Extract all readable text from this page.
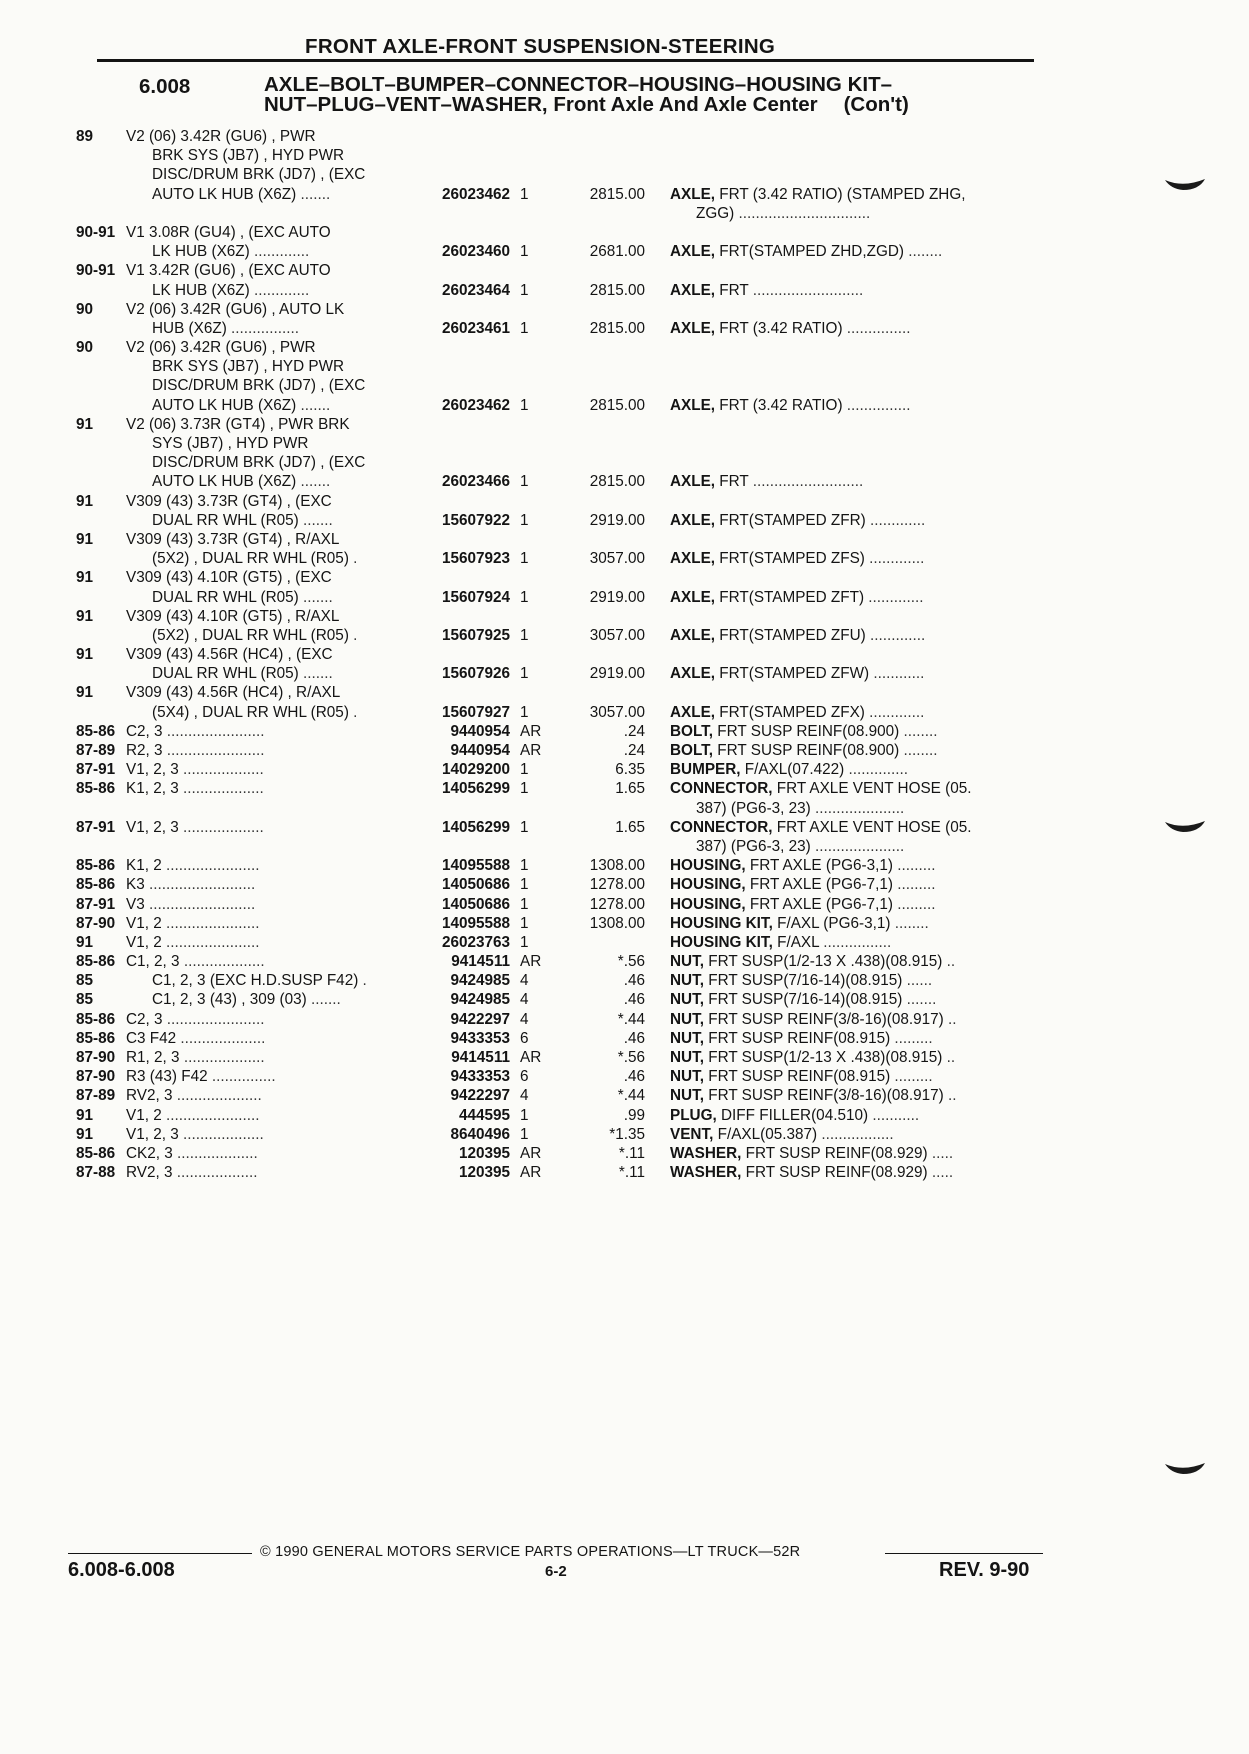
FRONT AXLE-FRONT SUSPENSION-STEERING
6.008	AXLE–BOLT–BUMPER–CONNECTOR–HOUSING–HOUSING KIT–
NUT–PLUG–VENT–WASHER, Front Axle And Axle Center (Con't)
89 V2 (06) 3.42R (GU6) , PWR
BRK SYS (JB7) , HYD PWR
DISC/DRUM BRK (JD7) , (EXC
AUTO LK HUB (X6Z) .......	26023462 1	2815.00 AXLE, FRT (3.42 RATIO) (STAMPED ZHG,
ZGG) ...............................
90-91 V1 3.08R (GU4) , (EXC AUTO
LK HUB (X6Z) .............	26023460 1	2681.00 AXLE, FRT(STAMPED ZHD,ZGD) ........
90-91 V1 3.42R (GU6) , (EXC AUTO
LK HUB (X6Z) .............	26023464 1	2815.00 AXLE, FRT ..........................
90 V2 (06) 3.42R (GU6) , AUTO LK
HUB (X6Z) ................	26023461 1	2815.00 AXLE, FRT (3.42 RATIO) ...............
90 V2 (06) 3.42R (GU6) , PWR
BRK SYS (JB7) , HYD PWR
DISC/DRUM BRK (JD7) , (EXC
AUTO LK HUB (X6Z) .......	26023462 1	2815.00 AXLE, FRT (3.42 RATIO) ...............
91 V2 (06) 3.73R (GT4) , PWR BRK
SYS (JB7) , HYD PWR
DISC/DRUM BRK (JD7) , (EXC
AUTO LK HUB (X6Z) .......	26023466 1	2815.00 AXLE, FRT ..........................
91 V309 (43) 3.73R (GT4) , (EXC
DUAL RR WHL (R05) .......	15607922 1	2919.00 AXLE, FRT(STAMPED ZFR) .............
91 V309 (43) 3.73R (GT4) , R/AXL
(5X2) , DUAL RR WHL (R05) .	15607923 1	3057.00 AXLE, FRT(STAMPED ZFS) .............
91 V309 (43) 4.10R (GT5) , (EXC
DUAL RR WHL (R05) .......	15607924 1	2919.00 AXLE, FRT(STAMPED ZFT) .............
91 V309 (43) 4.10R (GT5) , R/AXL
(5X2) , DUAL RR WHL (R05) .	15607925 1	3057.00 AXLE, FRT(STAMPED ZFU) .............
91 V309 (43) 4.56R (HC4) , (EXC
DUAL RR WHL (R05) .......	15607926 1	2919.00 AXLE, FRT(STAMPED ZFW) ............
91 V309 (43) 4.56R (HC4) , R/AXL
(5X4) , DUAL RR WHL (R05) .	15607927 1	3057.00 AXLE, FRT(STAMPED ZFX) .............
85-86 C2, 3 .......................	9440954 AR	.24 BOLT, FRT SUSP REINF(08.900) ........
87-89 R2, 3 .......................	9440954 AR	.24 BOLT, FRT SUSP REINF(08.900) ........
87-91 V1, 2, 3 ...................	14029200 1	6.35 BUMPER, F/AXL(07.422) ..............
85-86 K1, 2, 3 ...................	14056299 1	1.65 CONNECTOR, FRT AXLE VENT HOSE (05.
387) (PG6-3, 23) .....................
87-91 V1, 2, 3 ...................	14056299 1	1.65 CONNECTOR, FRT AXLE VENT HOSE (05.
387) (PG6-3, 23) .....................
85-86 K1, 2 ......................	14095588 1	1308.00 HOUSING, FRT AXLE (PG6-3,1) .........
85-86 K3 .........................	14050686 1	1278.00 HOUSING, FRT AXLE (PG6-7,1) .........
87-91 V3 .........................	14050686 1	1278.00 HOUSING, FRT AXLE (PG6-7,1) .........
87-90 V1, 2 ......................	14095588 1	1308.00 HOUSING KIT, F/AXL (PG6-3,1) ........
91 V1, 2 ......................	26023763 1	HOUSING KIT, F/AXL ................
85-86 C1, 2, 3 ...................	9414511 AR	*.56 NUT, FRT SUSP(1/2-13 X .438)(08.915) ..
85	C1, 2, 3 (EXC H.D.SUSP F42) .	9424985 4	.46 NUT, FRT SUSP(7/16-14)(08.915) ......
85	C1, 2, 3 (43) , 309 (03) .......	9424985 4	.46 NUT, FRT SUSP(7/16-14)(08.915) .......
85-86 C2, 3 .......................	9422297 4	*.44 NUT, FRT SUSP REINF(3/8-16)(08.917) ..
85-86 C3 F42 ....................	9433353 6	.46 NUT, FRT SUSP REINF(08.915) .........
87-90 R1, 2, 3 ...................	9414511 AR	*.56 NUT, FRT SUSP(1/2-13 X .438)(08.915) ..
87-90 R3 (43) F42 ...............	9433353 6	.46 NUT, FRT SUSP REINF(08.915) .........
87-89 RV2, 3 ....................	9422297 4	*.44 NUT, FRT SUSP REINF(3/8-16)(08.917) ..
91 V1, 2 ......................	444595 1	.99 PLUG, DIFF FILLER(04.510) ...........
91 V1, 2, 3 ...................	8640496 1	*1.35 VENT, F/AXL(05.387) .................
85-86 CK2, 3 ...................	120395 AR	*.11 WASHER, FRT SUSP REINF(08.929) .....
87-88 RV2, 3 ...................	120395 AR	*.11 WASHER, FRT SUSP REINF(08.929) .....
© 1990 GENERAL MOTORS SERVICE PARTS OPERATIONS—LT TRUCK—52R
6.008-6.008	6-2	REV. 9-90
